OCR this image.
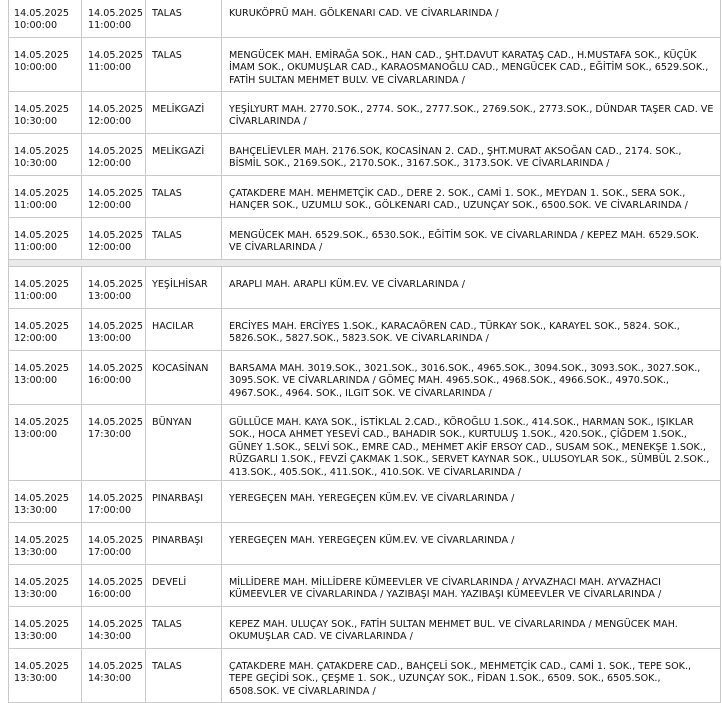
14.05.2025
10:00:00
14.05.2025
11:00:00
TALAS	KURUKÖPRÜ MAH. GÖLKENARI CAD. VE CİVARLARINDA /
14.05.2025
10:00:00
14.05.2025
11:00:00
TALAS	MENGÜCEK MAH. EMİRAĞA SOK., HAN CAD., ŞHT.DAVUT KARATAŞ CAD., H.MUSTAFA SOK., KÜÇÜK İMAM SOK., OKUMUŞLAR CAD., KARAOSMANOĞLU CAD., MENGÜCEK CAD., EĞİTİM SOK., 6529.SOK., FATİH SULTAN MEHMET BULV. VE CİVARLARINDA /
14.05.2025
10:30:00
14.05.2025
12:00:00
MELİKGAZİ	YEŞİLYURT MAH. 2770.SOK., 2774. SOK., 2777.SOK., 2769.SOK., 2773.SOK., DÜNDAR TAŞER CAD. VE CİVARLARINDA /
14.05.2025
10:30:00
14.05.2025
12:00:00
MELİKGAZİ	BAHÇELİEVLER MAH. 2176.SOK, KOCASİNAN 2. CAD., ŞHT.MURAT AKSOĞAN CAD., 2174. SOK., BİSMİL SOK., 2169.SOK., 2170.SOK., 3167.SOK., 3173.SOK. VE CİVARLARINDA /
14.05.2025
11:00:00
14.05.2025
12:00:00
TALAS	ÇATAKDERE MAH. MEHMETÇİK CAD., DERE 2. SOK., CAMİ 1. SOK., MEYDAN 1. SOK., SERA SOK., HANÇER SOK., UZUMLU SOK., GÖLKENARI CAD., UZUNÇAY SOK., 6500.SOK. VE CİVARLARINDA /
14.05.2025
11:00:00
14.05.2025
12:00:00
TALAS	MENGÜCEK MAH. 6529.SOK., 6530.SOK., EĞİTİM SOK. VE CİVARLARINDA / KEPEZ MAH. 6529.SOK. VE CİVARLARINDA /
14.05.2025
11:00:00
14.05.2025
13:00:00
YEŞİLHİSAR	ARAPLI MAH. ARAPLI KÜM.EV. VE CİVARLARINDA /
14.05.2025
12:00:00
14.05.2025
13:00:00
HACILAR	ERCİYES MAH. ERCİYES 1.SOK., KARACAÖREN CAD., TÜRKAY SOK., KARAYEL SOK., 5824. SOK., 5826.SOK., 5827.SOK., 5823.SOK. VE CİVARLARINDA /
14.05.2025
13:00:00
14.05.2025
16:00:00
KOCASİNAN	BARSAMA MAH. 3019.SOK., 3021.SOK., 3016.SOK., 4965.SOK., 3094.SOK., 3093.SOK., 3027.SOK., 3095.SOK. VE CİVARLARINDA / GÖMEÇ MAH. 4965.SOK., 4968.SOK., 4966.SOK., 4970.SOK., 4967.SOK., 4964. SOK., ILGIT SOK. VE CİVARLARINDA /
14.05.2025
13:00:00
14.05.2025
17:30:00
BÜNYAN	GÜLLÜCE MAH. KAYA SOK., İSTİKLAL 2.CAD., KÖROĞLU 1.SOK., 414.SOK., HARMAN SOK., IŞIKLAR SOK., HOCA AHMET YESEVİ CAD., BAHADIR SOK., KURTULUŞ 1.SOK., 420.SOK., ÇİĞDEM 1.SOK., GÜNEY 1.SOK., SELVİ SOK., EMRE CAD., MEHMET AKİF ERSOY CAD., SUSAM SOK., MENEKŞE 1.SOK., RÜZGARLI 1.SOK., FEVZİ ÇAKMAK 1.SOK., SERVET KAYNAR SOK., ULUSOYLAR SOK., SÜMBÜL 2.SOK., 413.SOK., 405.SOK., 411.SOK., 410.SOK. VE CİVARLARINDA /
14.05.2025
13:30:00
14.05.2025
17:00:00
PINARBAŞI	YEREGEÇEN MAH. YEREGEÇEN KÜM.EV. VE CİVARLARINDA /
14.05.2025
13:30:00
14.05.2025
17:00:00
PINARBAŞI	YEREGEÇEN MAH. YEREGEÇEN KÜM.EV. VE CİVARLARINDA /
14.05.2025
13:30:00
14.05.2025
16:00:00
DEVELİ	MİLLİDERE MAH. MİLLİDERE KÜMEEVLER VE CİVARLARINDA / AYVAZHACI MAH. AYVAZHACI KÜMEEVLER VE CİVARLARINDA / YAZIBAŞI MAH. YAZIBAŞI KÜMEEVLER VE CİVARLARINDA /
14.05.2025
13:30:00
14.05.2025
14:30:00
TALAS	KEPEZ MAH. ULUÇAY SOK., FATİH SULTAN MEHMET BUL. VE CİVARLARINDA / MENGÜCEK MAH. OKUMUŞLAR CAD. VE CİVARLARINDA /
14.05.2025
13:30:00
14.05.2025
14:30:00
TALAS	ÇATAKDERE MAH. ÇATAKDERE CAD., BAHÇELİ SOK., MEHMETÇİK CAD., CAMİ 1. SOK., TEPE SOK., TEPE GEÇİDİ SOK., ÇEŞME 1. SOK., UZUNÇAY SOK., FİDAN 1.SOK., 6509. SOK., 6505.SOK., 6508.SOK. VE CİVARLARINDA /
